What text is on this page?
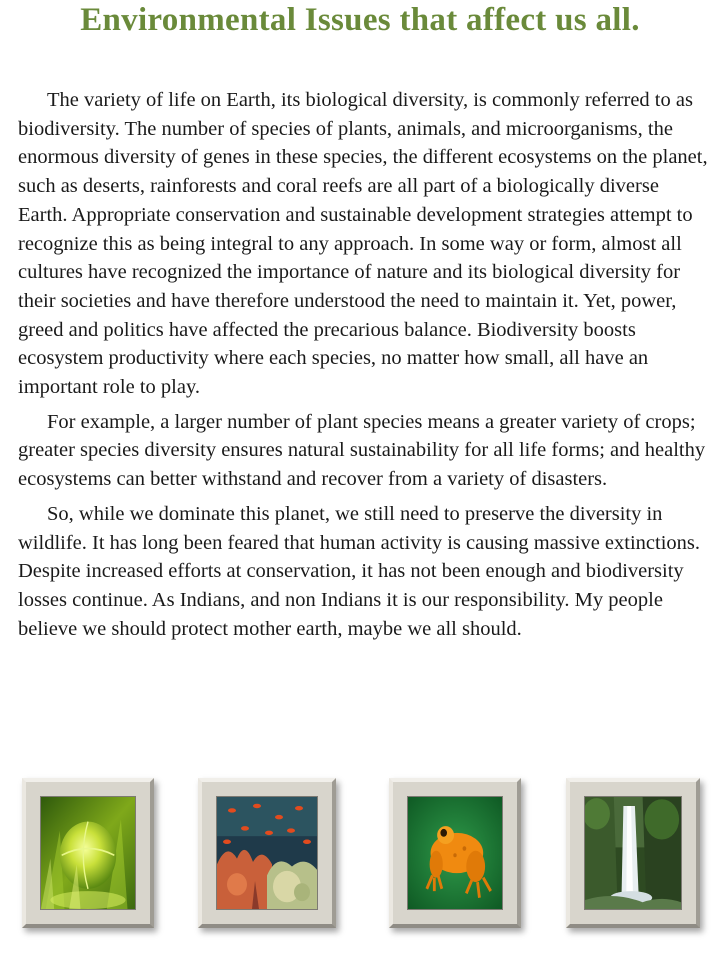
Environmental Issues that affect us all.

The variety of life on Earth, its biological diversity, is commonly referred to as biodiversity. The number of species of plants, animals, and microorganisms, the enormous diversity of genes in these species, the different ecosystems on the planet, such as deserts, rainforests and coral reefs are all part of a biologically diverse Earth. Appropriate conservation and sustainable development strategies attempt to recognize this as being integral to any approach. In some way or form, almost all cultures have recognized the importance of nature and its biological diversity for their societies and have therefore understood the need to maintain it. Yet, power, greed and politics have affected the precarious balance. Biodiversity boosts ecosystem productivity where each species, no matter how small, all have an important role to play.

For example, a larger number of plant species means a greater variety of crops; greater species diversity ensures natural sustainability for all life forms; and healthy ecosystems can better withstand and recover from a variety of disasters.

So, while we dominate this planet, we still need to preserve the diversity in wildlife. It has long been feared that human activity is causing massive extinctions. Despite increased efforts at conservation, it has not been enough and biodiversity losses continue. As Indians, and non Indians it is our responsibility. My people believe we should protect mother earth, maybe we all should.
